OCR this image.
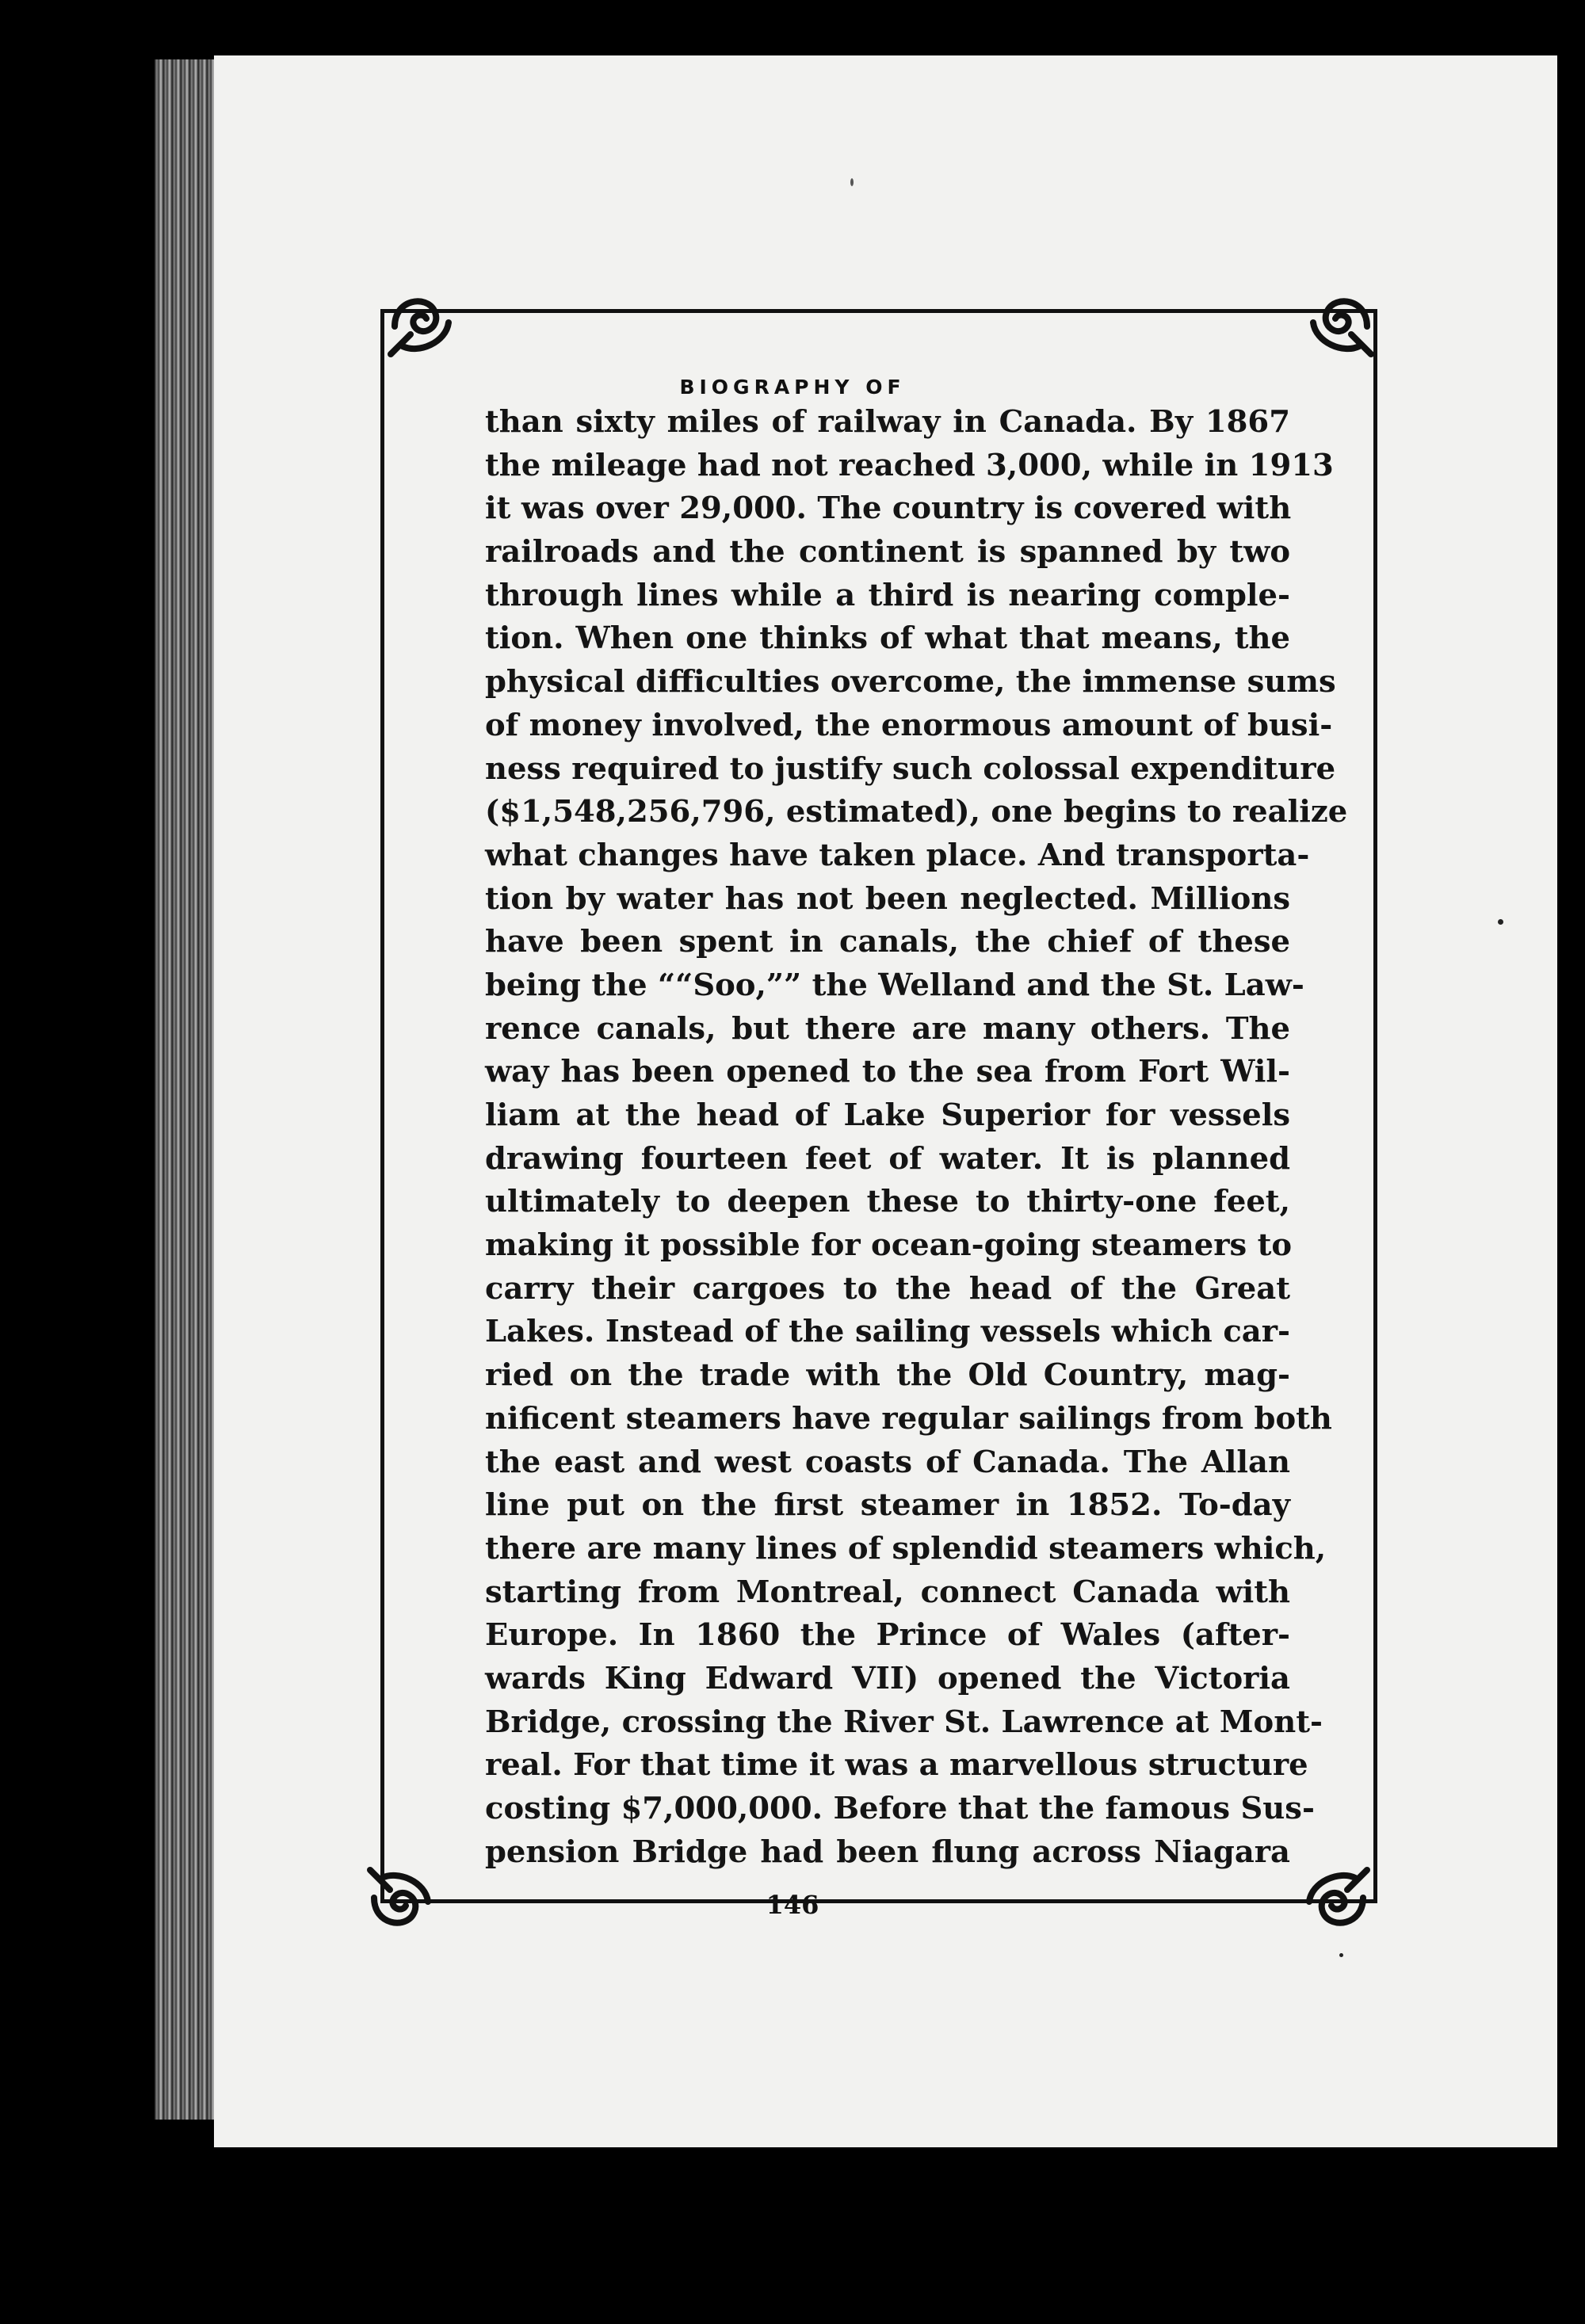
BIOGRAPHY OF
than sixty miles of railway in Canada. By 1867
the mileage had not reached 3,000, while in 1913
it was over 29,000. The country is covered with
railroads and the continent is spanned by two
through lines while a third is nearing comple-
tion. When one thinks of what that means, the
physical difficulties overcome, the immense sums
of money involved, the enormous amount of busi-
ness required to justify such colossal expenditure
($1,548,256,796, estimated), one begins to realize
what changes have taken place. And transporta-
tion by water has not been neglected. Millions
have been spent in canals, the chief of these
being the ““Soo,”” the Welland and the St. Law-
rence canals, but there are many others. The
way has been opened to the sea from Fort Wil-
liam at the head of Lake Superior for vessels
drawing fourteen feet of water. It is planned
ultimately to deepen these to thirty-one feet,
making it possible for ocean-going steamers to
carry their cargoes to the head of the Great
Lakes. Instead of the sailing vessels which car-
ried on the trade with the Old Country, mag-
nificent steamers have regular sailings from both
the east and west coasts of Canada. The Allan
line put on the first steamer in 1852. To-day
there are many lines of splendid steamers which,
starting from Montreal, connect Canada with
Europe. In 1860 the Prince of Wales (after-
wards King Edward VII) opened the Victoria
Bridge, crossing the River St. Lawrence at Mont-
real. For that time it was a marvellous structure
costing $7,000,000. Before that the famous Sus-
pension Bridge had been flung across Niagara
146
